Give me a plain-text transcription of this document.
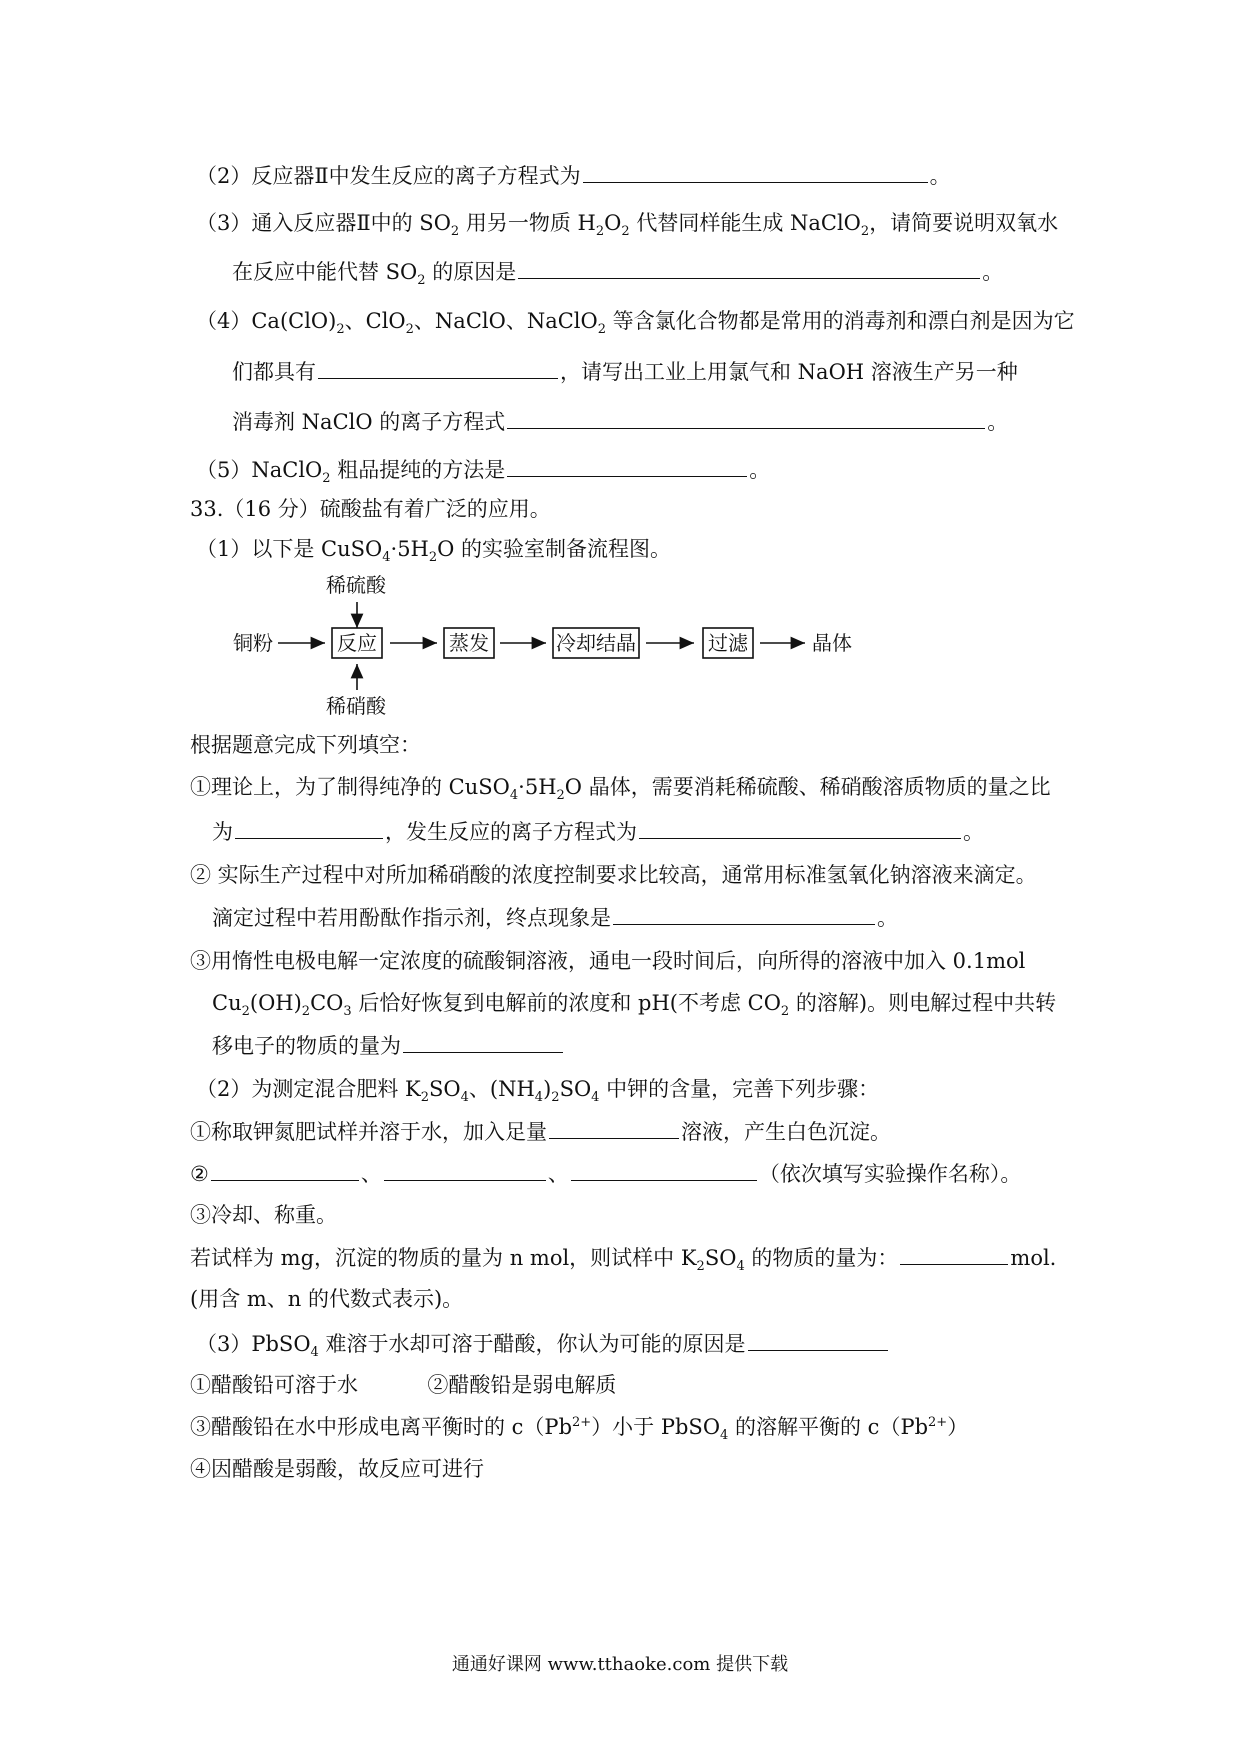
（2）反应器Ⅱ中发生反应的离子方程式为	。
（3）通入反应器Ⅱ中的 $SO_2$ 用另一物质 $H_2O_2$ 代替同样能生成 NaClO$_2$，请简要说明双氧水
在反应中能代替 $SO_2$ 的原因是	。
$(4)Ca(ClO)_2$、ClO$_2$、NaClO、NaClO$_2$ 等含氯化合物都是常用的消毒剂和漂白剂是因为它
们都具有	，请写出工业上用氯气和 NaOH 溶液生产另一种
消毒剂 NaClO 的离子方程式	。
（5）NaClO$_2$ 粗品提纯的方法是	。
33.（16 分）硫酸盐有着广泛的应用。
（1）以下是 $CuSO_4\cdot 5H_2O$ 的实验室制备流程图。
稀硫酸
铜粉	反应	蒸发	冷却结晶	过滤	晶体
稀硝酸
根据题意完成下列填空：
①理论上，为了制得纯净的 $CuSO_4\cdot 5H_2O$ 晶体，需要消耗稀硫酸、稀硝酸溶质物质的量之比
为	，发生反应的离子方程式为	。
② 实际生产过程中对所加稀硝酸的浓度控制要求比较高，通常用标准氢氧化钠溶液来滴定。
滴定过程中若用酚酞作指示剂，终点现象是	。
③用惰性电极电解一定浓度的硫酸铜溶液，通电一段时间后，向所得的溶液中加入 0.1mol
$Cu_2(OH)_2CO_3$ 后恰好恢复到电解前的浓度和 pH(不考虑 $CO_2$ 的溶解)。则电解过程中共转
移电子的物质的量为
（2）为测定混合肥料 $K_2SO_4$、$(NH_4)_2SO_4$ 中钾的含量，完善下列步骤：
①称取钾氮肥试样并溶于水，加入足量	溶液，产生白色沉淀。
②	、	、	（依次填写实验操作名称）。
③冷却、称重。
若试样为 mg，沉淀的物质的量为 n mol，则试样中 $K_2SO_4$ 的物质的量为：	mol.
(用含 m、n 的代数式表示)。
（3）PbSO$_4$ 难溶于水却可溶于醋酸，你认为可能的原因是
①醋酸铅可溶于水	②醋酸铅是弱电解质
③醋酸铅在水中形成电离平衡时的 $c(Pb^{2+})$小于 PbSO$_4$ 的溶解平衡的 $c(Pb^{2+})$
④因醋酸是弱酸，故反应可进行
通通好课网 www.tthaoke.com 提供下载
